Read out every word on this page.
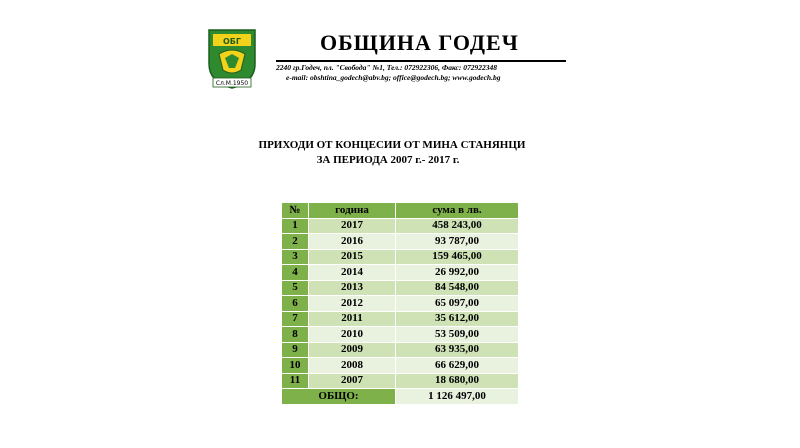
ОБГ
Сл.М.1950
ОБЩИНА ГОДЕЧ
2240 гр.Годеч, пл. "Свобода" №1, Тел.: 072922306, Факс: 072922348
e-mail: obshtina_godech@abv.bg; office@godech.bg; www.godech.bg
ПРИХОДИ ОТ КОНЦЕСИИ ОТ МИНА СТАНЯНЦИ
ЗА ПЕРИОДА 2007 г.- 2017 г.
№	година	сума в лв.
1	2017	458 243,00
2	2016	93 787,00
3	2015	159 465,00
4	2014	26 992,00
5	2013	84 548,00
6	2012	65 097,00
7	2011	35 612,00
8	2010	53 509,00
9	2009	63 935,00
10	2008	66 629,00
11	2007	18 680,00
ОБЩО:		1 126 497,00
